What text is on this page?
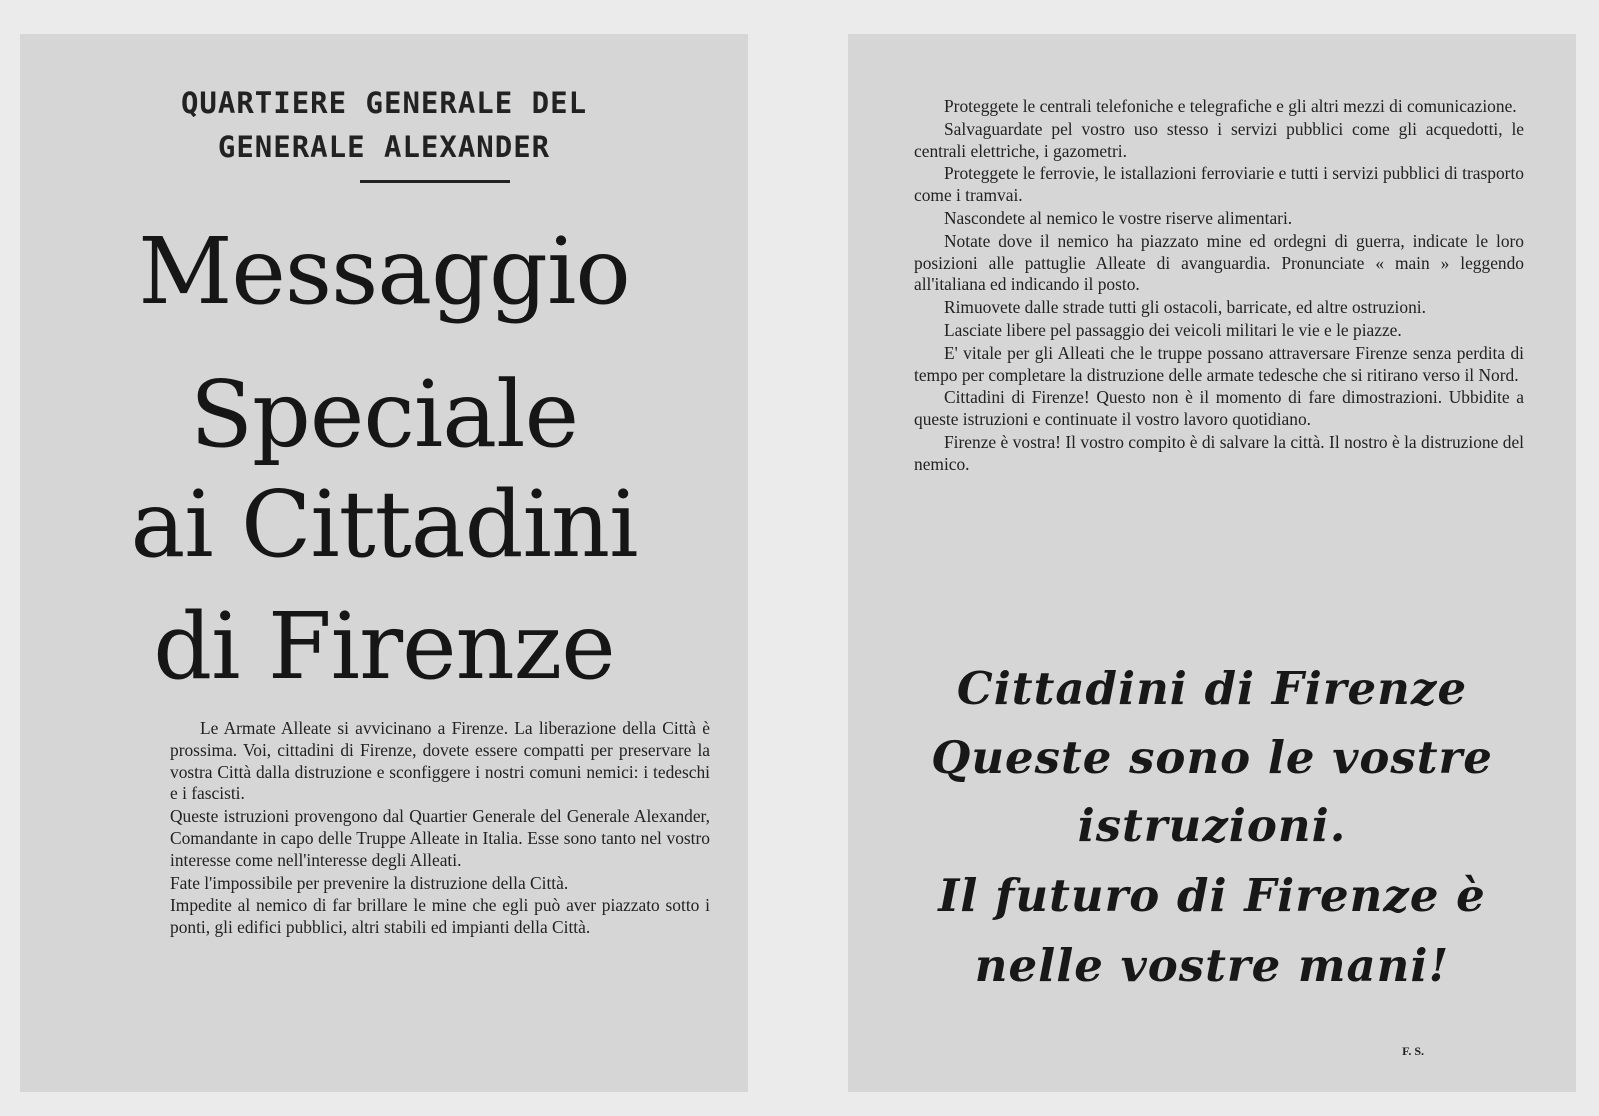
QUARTIERE GENERALE DEL
GENERALE ALEXANDER
Messaggio
Speciale
ai Cittadini
di Firenze

Le Armate Alleate si avvicinano a Firenze. La liberazione della Città è prossima. Voi, cittadini di Firenze, dovete essere compatti per preservare la vostra Città dalla distruzione e sconfiggere i nostri comuni nemici: i tedeschi e i fascisti.

Queste istruzioni provengono dal Quartier Generale del Generale Alexander, Comandante in capo delle Truppe Alleate in Italia. Esse sono tanto nel vostro interesse come nell'interesse degli Alleati.

Fate l'impossibile per prevenire la distruzione della Città.

Impedite al nemico di far brillare le mine che egli può aver piazzato sotto i ponti, gli edifici pubblici, altri stabili ed impianti della Città.

Proteggete le centrali telefoniche e telegrafiche e gli altri mezzi di comunicazione.

Salvaguardate pel vostro uso stesso i servizi pubblici come gli acquedotti, le centrali elettriche, i gazometri.

Proteggete le ferrovie, le istallazioni ferroviarie e tutti i servizi pubblici di trasporto come i tramvai.

Nascondete al nemico le vostre riserve alimentari.

Notate dove il nemico ha piazzato mine ed ordegni di guerra, indicate le loro posizioni alle pattuglie Alleate di avanguardia. Pronunciate « main » leggendo all'italiana ed indicando il posto.

Rimuovete dalle strade tutti gli ostacoli, barricate, ed altre ostruzioni.

Lasciate libere pel passaggio dei veicoli militari le vie e le piazze.

E' vitale per gli Alleati che le truppe possano attraversare Firenze senza perdita di tempo per completare la distruzione delle armate tedesche che si ritirano verso il Nord.

Cittadini di Firenze! Questo non è il momento di fare dimostrazioni. Ubbidite a queste istruzioni e continuate il vostro lavoro quotidiano.

Firenze è vostra! Il vostro compito è di salvare la città. Il nostro è la distruzione del nemico.

Cittadini di Firenze
Queste sono le vostre
istruzioni.
Il futuro di Firenze è
nelle vostre mani!
F. S.
